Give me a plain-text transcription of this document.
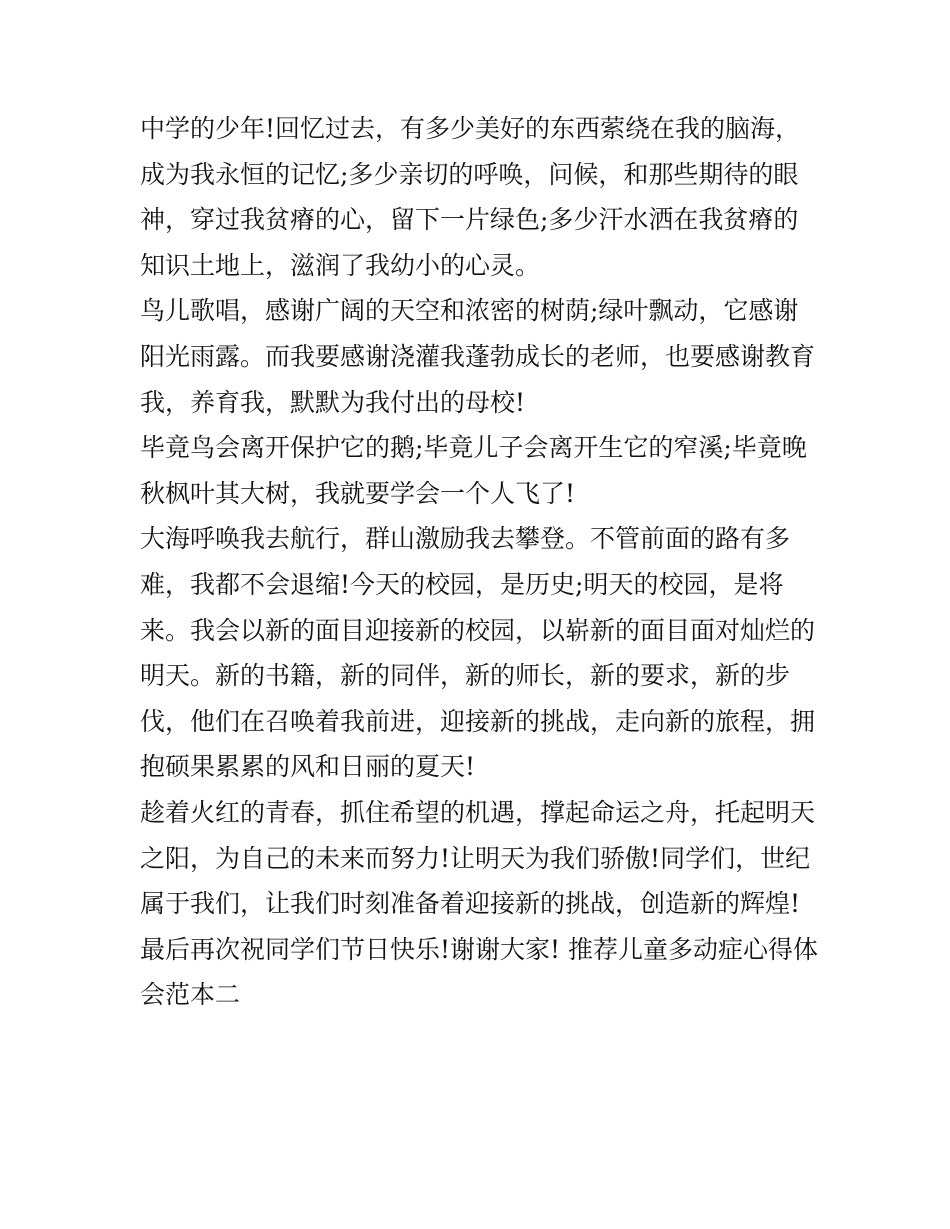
中学的少年!回忆过去，有多少美好的东西萦绕在我的脑海，
成为我永恒的记忆;多少亲切的呼唤，问候，和那些期待的眼
神，穿过我贫瘠的心，留下一片绿色;多少汗水洒在我贫瘠的
知识土地上，滋润了我幼小的心灵。
鸟儿歌唱，感谢广阔的天空和浓密的树荫;绿叶飘动，它感谢
阳光雨露。而我要感谢浇灌我蓬勃成长的老师，也要感谢教育
我，养育我，默默为我付出的母校!
毕竟鸟会离开保护它的鹅;毕竟儿子会离开生它的窄溪;毕竟晚
秋枫叶其大树，我就要学会一个人飞了!
大海呼唤我去航行，群山激励我去攀登。不管前面的路有多
难，我都不会退缩!今天的校园，是历史;明天的校园，是将
来。我会以新的面目迎接新的校园，以崭新的面目面对灿烂的
明天。新的书籍，新的同伴，新的师长，新的要求，新的步
伐，他们在召唤着我前进，迎接新的挑战，走向新的旅程，拥
抱硕果累累的风和日丽的夏天!
趁着火红的青春，抓住希望的机遇，撑起命运之舟，托起明天
之阳，为自己的未来而努力!让明天为我们骄傲!同学们，世纪
属于我们，让我们时刻准备着迎接新的挑战，创造新的辉煌!
最后再次祝同学们节日快乐!谢谢大家! 推荐儿童多动症心得体
会范本二
